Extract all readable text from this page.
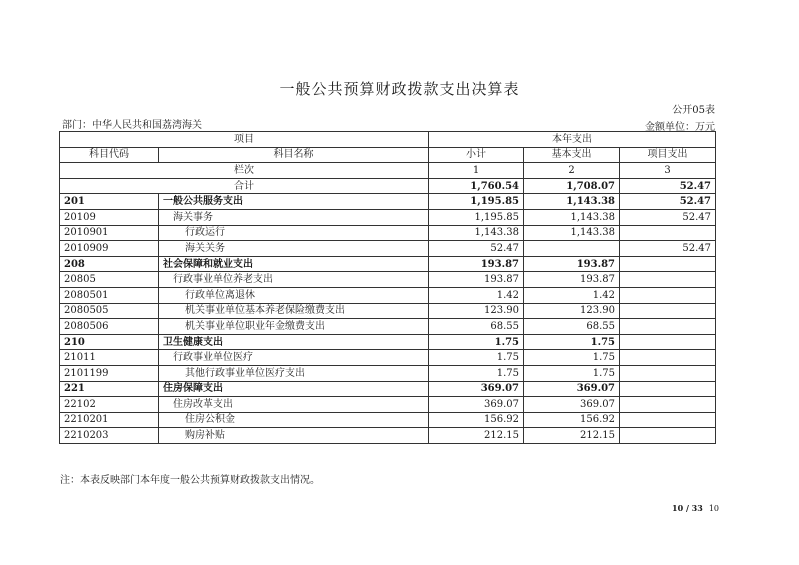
一般公共预算财政拨款支出决算表
公开05表
部门：中华人民共和国荔湾海关	金额单位：万元
项目		本年支出		
科目代码	科目名称	小计	基本支出	项目支出
栏次		1	2	3
合计		1,760.54	1,708.07	52.47
201	一般公共服务支出	1,195.85	1,143.38	52.47
20109	海关事务	1,195.85	1,143.38	52.47
2010901	行政运行	1,143.38	1,143.38	
2010909	海关关务	52.47		52.47
208	社会保障和就业支出	193.87	193.87	
20805	行政事业单位养老支出	193.87	193.87	
2080501	行政单位离退休	1.42	1.42	
2080505	机关事业单位基本养老保险缴费支出	123.90	123.90	
2080506	机关事业单位职业年金缴费支出	68.55	68.55	
210	卫生健康支出	1.75	1.75	
21011	行政事业单位医疗	1.75	1.75	
2101199	其他行政事业单位医疗支出	1.75	1.75	
221	住房保障支出	369.07	369.07	
22102	住房改革支出	369.07	369.07	
2210201	住房公积金	156.92	156.92	
2210203	购房补贴	212.15	212.15	
注：本表反映部门本年度一般公共预算财政拨款支出情况。
10 / 33 10
